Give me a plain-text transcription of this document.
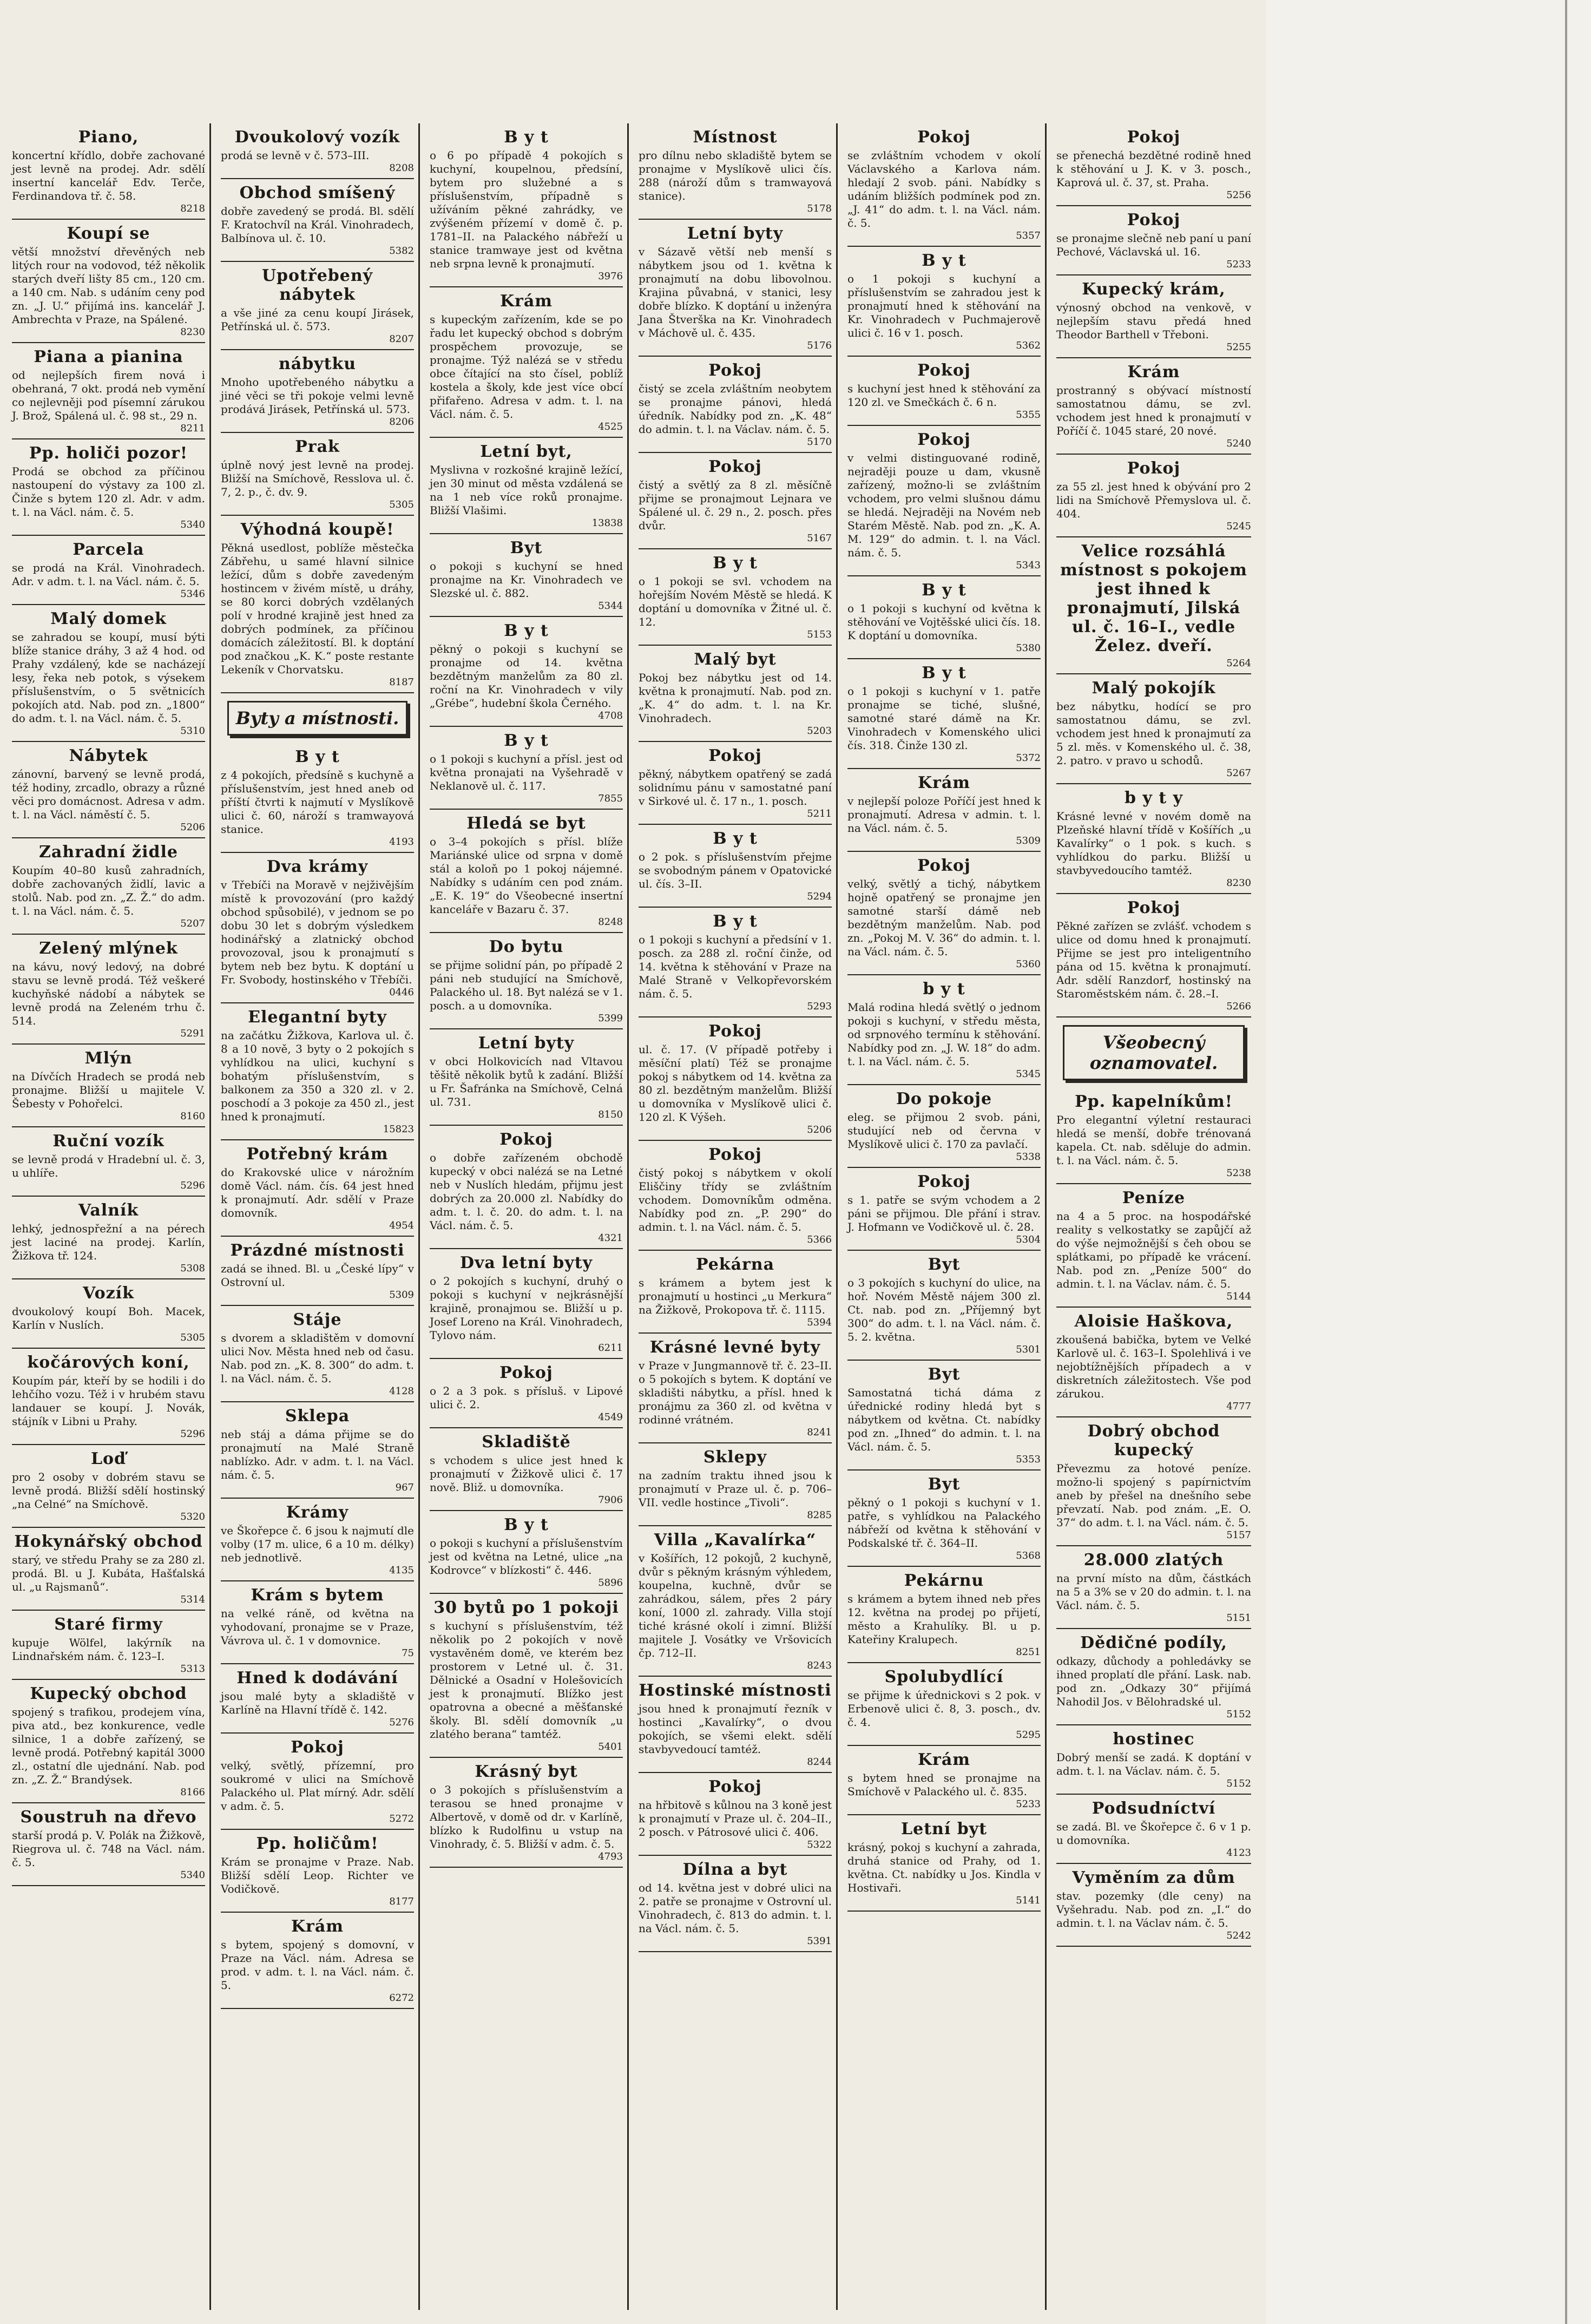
Piano,

koncertní křídlo, dobře zachované jest levně na prodej. Adr. sdělí insertní kancelář Edv. Terče, Ferdinandova tř. č. 58.

8218
Koupí se

větší množství dřevěných neb litých rour na vodovod, též několik starých dveří lišty 85 cm., 120 cm. a 140 cm. Nab. s udáním ceny pod zn. „J. U.“ přijímá ins. kancelář J. Ambrechta v Praze, na Spálené.

8230
Piana a pianina

od nejlepších firem nová i obehraná, 7 okt. prodá neb vymění co nejlevněji pod písemní zárukou J. Brož, Spálená ul. č. 98 st., 29 n.

8211
Pp. holiči pozor!

Prodá se obchod za příčinou nastoupení do výstavy za 100 zl. Činže s bytem 120 zl. Adr. v adm. t. l. na Václ. nám. č. 5.

5340
Parcela

se prodá na Král. Vinohradech. Adr. v adm. t. l. na Václ. nám. č. 5.

5346
Malý domek

se zahradou se koupí, musí býti blíže stanice dráhy, 3 až 4 hod. od Prahy vzdálený, kde se nacházejí lesy, řeka neb potok, s výsekem příslušenstvím, o 5 světnicích pokojích atd. Nab. pod zn. „1800“ do adm. t. l. na Václ. nám. č. 5.

5310
Nábytek

zánovní, barvený se levně prodá, též hodiny, zrcadlo, obrazy a různé věci pro domácnost. Adresa v adm. t. l. na Václ. náměstí č. 5.

5206
Zahradní židle

Koupím 40–80 kusů zahradních, dobře zachovaných židlí, lavic a stolů. Nab. pod zn. „Z. Ž.“ do adm. t. l. na Václ. nám. č. 5.

5207
Zelený mlýnek

na kávu, nový ledový, na dobré stavu se levně prodá. Též veškeré kuchyňské nádobí a nábytek se levně prodá na Zeleném trhu č. 514.

5291
Mlýn

na Dívčích Hradech se prodá neb pronajme. Bližší u majitele V. Šebesty v Pohořelci.

8160
Ruční vozík

se levně prodá v Hradební ul. č. 3, u uhlíře.

5296
Valník

lehký, jednospřežní a na pérech jest laciné na prodej. Karlín, Žižkova tř. 124.

5308
Vozík

dvoukolový koupí Boh. Macek, Karlín v Nuslích.

5305
kočárových koní,

Koupím pár, kteří by se hodili i do lehčího vozu. Též i v hrubém stavu landauer se koupí. J. Novák, stájník v Libni u Prahy.

5296
Loď

pro 2 osoby v dobrém stavu se levně prodá. Bližší sdělí hostinský „na Celné“ na Smíchově.

5320
Hokynářský obchod

starý, ve středu Prahy se za 280 zl. prodá. Bl. u J. Kubáta, Hašťalská ul. „u Rajsmanů“.

5314
Staré firmy

kupuje Wölfel, lakýrník na Lindnařském nám. č. 123–I.

5313
Kupecký obchod

spojený s trafikou, prodejem vína, piva atd., bez konkurence, vedle silnice, 1 a dobře zařízený, se levně prodá. Potřebný kapitál 3000 zl., ostatní dle ujednání. Nab. pod zn. „Z. Ž.“ Brandýsek.

8166
Soustruh na dřevo

starší prodá p. V. Polák na Žižkově, Riegrova ul. č. 748 na Václ. nám. č. 5.

5340
Dvoukolový vozík

prodá se levně v č. 573–III.

8208
Obchod smíšený

dobře zavedený se prodá. Bl. sdělí F. Kratochvíl na Král. Vinohradech, Balbínova ul. č. 10.

5382
Upotřebený nábytek

a vše jiné za cenu koupí Jirásek, Petřínská ul. č. 573.

8207
nábytku

Mnoho upotřebeného nábytku a jiné věci se tři pokoje velmi levně prodává Jirásek, Petřínská ul. 573.

8206
Prak

úplně nový jest levně na prodej. Bližší na Smíchově, Resslova ul. č. 7, 2. p., č. dv. 9.

5305
Výhodná koupě!

Pěkná usedlost, poblíže městečka Zábřehu, u samé hlavní silnice ležící, dům s dobře zavedeným hostincem v živém místě, u dráhy, se 80 korci dobrých vzdělaných polí v hrodné krajině jest hned za dobrých podmínek, za příčinou domácích záležitostí. Bl. k doptání pod značkou „K. K.“ poste restante Lekeník v Chorvatsku.

8187
Byty a místnosti.
B y t

z 4 pokojích, předsíně s kuchyně a příslušenstvím, jest hned aneb od příští čtvrti k najmutí v Myslíkově ulici č. 60, nároží s tramwayová stanice.

4193
Dva krámy

v Třebíči na Moravě v nejživějším místě k provozování (pro každý obchod spůsobilé), v jednom se po dobu 30 let s dobrým výsledkem hodinářský a zlatnický obchod provozoval, jsou k pronajmutí s bytem neb bez bytu. K doptání u Fr. Svobody, hostinského v Třebíči.

0446
Elegantní byty

na začátku Žižkova, Karlova ul. č. 8 a 10 nově, 3 byty o 2 pokojích s vyhlídkou na ulici, kuchyní s bohatým příslušenstvím, s balkonem za 350 a 320 zl. v 2. poschodí a 3 pokoje za 450 zl., jest hned k pronajmutí.

15823
Potřebný krám

do Krakovské ulice v nárožním domě Václ. nám. čís. 64 jest hned k pronajmutí. Adr. sdělí v Praze domovník.

4954
Prázdné místnosti

zadá se ihned. Bl. u „České lípy“ v Ostrovní ul.

5309
Stáje

s dvorem a skladištěm v domovní ulici Nov. Města hned neb od času. Nab. pod zn. „K. 8. 300“ do adm. t. l. na Václ. nám. č. 5.

4128
Sklepa

neb stáj a dáma přijme se do pronajmutí na Malé Straně nablízko. Adr. v adm. t. l. na Václ. nám. č. 5.

967
Krámy

ve Škořepce č. 6 jsou k najmutí dle volby (17 m. ulice, 6 a 10 m. délky) neb jednotlivě.

4135
Krám s bytem

na velké ráně, od května na vyhodovaní, pronajme se v Praze, Vávrova ul. č. 1 v domovnice.

75
Hned k dodávání

jsou malé byty a skladiště v Karlíně na Hlavní třídě č. 142.

5276
Pokoj

velký, světlý, přízemní, pro soukromé v ulici na Smíchově Palackého ul. Plat mírný. Adr. sdělí v adm. č. 5.

5272
Pp. holičům!

Krám se pronajme v Praze. Nab. Bližší sdělí Leop. Richter ve Vodičkově.

8177
Krám

s bytem, spojený s domovní, v Praze na Václ. nám. Adresa se prod. v adm. t. l. na Václ. nám. č. 5.

6272
B y t

o 6 po případě 4 pokojích s kuchyní, koupelnou, předsíní, bytem pro služebné a s příslušenstvím, případně s užíváním pěkné zahrádky, ve zvýšeném přízemí v domě č. p. 1781–II. na Palackého nábřeží u stanice tramwaye jest od května neb srpna levně k pronajmutí.

3976
Krám

s kupeckým zařízením, kde se po řadu let kupecký obchod s dobrým prospěchem provozuje, se pronajme. Týž nalézá se v středu obce čítající na sto čísel, poblíž kostela a školy, kde jest více obcí přifařeno. Adresa v adm. t. l. na Václ. nám. č. 5.

4525
Letní byt,

Myslivna v rozkošné krajině ležící, jen 30 minut od města vzdálená se na 1 neb více roků pronajme. Bližší Vlašimi.

13838
Byt

o pokoji s kuchyní se hned pronajme na Kr. Vinohradech ve Slezské ul. č. 882.

5344
B y t

pěkný o pokoji s kuchyní se pronajme od 14. května bezdětným manželům za 80 zl. roční na Kr. Vinohradech v vily „Grébe“, hudební škola Černého.

4708
B y t

o 1 pokoji s kuchyní a přísl. jest od května pronajati na Vyšehradě v Neklanově ul. č. 117.

7855
Hledá se byt

o 3–4 pokojích s přísl. blíže Mariánské ulice od srpna v domě stál a koloň po 1 pokoj nájemné. Nabídky s udáním cen pod znám. „E. K. 19“ do Všeobecné insertní kanceláře v Bazaru č. 37.

8248
Do bytu

se přijme solidní pán, po případě 2 páni neb studující na Smíchově, Palackého ul. 18. Byt nalézá se v 1. posch. a u domovníka.

5399
Letní byty

v obci Holkovicích nad Vltavou těšitě několik bytů k zadání. Bližší u Fr. Šafránka na Smíchově, Celná ul. 731.

8150
Pokoj

o dobře zařízeném obchodě kupecký v obci nalézá se na Letné neb v Nuslích hledám, přijmu jest dobrých za 20.000 zl. Nabídky do adm. t. l. č. 20. do adm. t. l. na Václ. nám. č. 5.

4321
Dva letní byty

o 2 pokojích s kuchyní, druhý o pokoji s kuchyní v nejkrásnější krajině, pronajmou se. Bližší u p. Josef Loreno na Král. Vinohradech, Tylovo nám.

6211
Pokoj

o 2 a 3 pok. s přísluš. v Lipové ulici č. 2.

4549
Skladiště

s vchodem s ulice jest hned k pronajmutí v Žižkově ulici č. 17 nově. Bliž. u domovníka.

7906
B y t

o pokoji s kuchyní a příslušenstvím jest od května na Letné, ulice „na Kodrovce“ v blízkosti“ č. 446.

5896
30 bytů po 1 pokoji

s kuchyní s příslušenstvím, též několik po 2 pokojích v nově vystavěném domě, ve kterém bez prostorem v Letné ul. č. 31. Dělnické a Osadní v Holešovicích jest k pronajmutí. Blížko jest opatrovna a obecné a měšťanské školy. Bl. sdělí domovník „u zlatého berana“ tamtéž.

5401
Krásný byt

o 3 pokojích s příslušenstvím a terasou se hned pronajme v Albertově, v domě od dr. v Karlíně, blízko k Rudolfinu u vstup na Vinohrady, č. 5. Bližší v adm. č. 5.

4793
Místnost

pro dílnu nebo skladiště bytem se pronajme v Myslíkově ulici čís. 288 (nároží dům s tramwayová stanice).

5178
Letní byty

v Sázavě větší neb menší s nábytkem jsou od 1. května k pronajmutí na dobu libovolnou. Krajina půvabná, v stanici, lesy dobře blízko. K doptání u inženýra Jana Štverška na Kr. Vinohradech v Máchově ul. č. 435.

5176
Pokoj

čistý se zcela zvláštním neobytem se pronajme pánovi, hledá úředník. Nabídky pod zn. „K. 48“ do admin. t. l. na Václav. nám. č. 5.

5170
Pokoj

čistý a světlý za 8 zl. měsíčně přijme se pronajmout Lejnara ve Spálené ul. č. 29 n., 2. posch. přes dvůr.

5167
B y t

o 1 pokoji se svl. vchodem na hořejším Novém Městě se hledá. K doptání u domovníka v Žitné ul. č. 12.

5153
Malý byt

Pokoj bez nábytku jest od 14. května k pronajmutí. Nab. pod zn. „K. 4“ do adm. t. l. na Kr. Vinohradech.

5203
Pokoj

pěkný, nábytkem opatřený se zadá solidnímu pánu v samostatné paní v Sirkové ul. č. 17 n., 1. posch.

5211
B y t

o 2 pok. s příslušenstvím přejme se svobodným pánem v Opatovické ul. čís. 3–II.

5294
B y t

o 1 pokoji s kuchyní a předsíní v 1. posch. za 288 zl. roční činže, od 14. května k stěhování v Praze na Malé Straně v Velkopřevorském nám. č. 5.

5293
Pokoj

ul. č. 17. (V případě potřeby i měsíční platí) Též se pronajme pokoj s nábytkem od 14. května za 80 zl. bezdětným manželům. Bližší u domovníka v Myslíkově ulici č. 120 zl. K Výšeh.

5206
Pokoj

čistý pokoj s nábytkem v okolí Eliščiny třídy se zvláštním vchodem. Domovníkům odměna. Nabídky pod zn. „P. 290“ do admin. t. l. na Václ. nám. č. 5.

5366
Pekárna

s krámem a bytem jest k pronajmutí u hostinci „u Merkura“ na Žižkově, Prokopova tř. č. 1115.

5394
Krásné levné byty

v Praze v Jungmannově tř. č. 23–II. o 5 pokojích s bytem. K doptání ve skladišti nábytku, a přísl. hned k pronájmu za 360 zl. od května v rodinné vrátném.

8241
Sklepy

na zadním traktu ihned jsou k pronajmutí v Praze ul. č. p. 706–VII. vedle hostince „Tivoli“.

8285
Villa „Kavalírka“

v Košířích, 12 pokojů, 2 kuchyně, dvůr s pěkným krásným výhledem, koupelna, kuchně, dvůr se zahrádkou, sálem, přes 2 páry koní, 1000 zl. zahrady. Villa stojí tiché krásné okolí i zimní. Bližší majitele J. Vosátky ve Vršovicích čp. 712–II.

8243
Hostinské místnosti

jsou hned k pronajmutí řezník v hostinci „Kavalírky“, o dvou pokojích, se všemi elekt. sdělí stavbyvedoucí tamtéž.

8244
Pokoj

na hřbitově s kůlnou na 3 koně jest k pronajmutí v Praze ul. č. 204–II., 2 posch. v Pátrosové ulici č. 406.

5322
Dílna a byt

od 14. května jest v dobré ulici na 2. patře se pronajme v Ostrovní ul. Vinohradech, č. 813 do admin. t. l. na Václ. nám. č. 5.

5391
Pokoj

se zvláštním vchodem v okolí Václavského a Karlova nám. hledají 2 svob. páni. Nabídky s udáním bližších podmínek pod zn. „J. 41“ do adm. t. l. na Václ. nám. č. 5.

5357
B y t

o 1 pokoji s kuchyní a příslušenstvím se zahradou jest k pronajmutí hned k stěhování na Kr. Vinohradech v Puchmajerově ulici č. 16 v 1. posch.

5362
Pokoj

s kuchyní jest hned k stěhování za 120 zl. ve Smečkách č. 6 n.

5355
Pokoj

v velmi distinguované rodině, nejraději pouze u dam, vkusně zařízený, možno-li se zvláštním vchodem, pro velmi slušnou dámu se hledá. Nejraději na Novém neb Starém Městě. Nab. pod zn. „K. A. M. 129“ do admin. t. l. na Václ. nám. č. 5.

5343
B y t

o 1 pokoji s kuchyní od května k stěhování ve Vojtěšské ulici čís. 18. K doptání u domovníka.

5380
B y t

o 1 pokoji s kuchyní v 1. patře pronajme se tiché, slušné, samotné staré dámě na Kr. Vinohradech v Komenského ulici čís. 318. Činže 130 zl.

5372
Krám

v nejlepší poloze Poříčí jest hned k pronajmutí. Adresa v admin. t. l. na Václ. nám. č. 5.

5309
Pokoj

velký, světlý a tichý, nábytkem hojně opatřený se pronajme jen samotné starší dámě neb bezdětným manželům. Nab. pod zn. „Pokoj M. V. 36“ do admin. t. l. na Václ. nám. č. 5.

5360
b y t

Malá rodina hledá světlý o jednom pokoji s kuchyní, v středu města, od srpnového termínu k stěhování. Nabídky pod zn. „J. W. 18“ do adm. t. l. na Václ. nám. č. 5.

5345
Do pokoje

eleg. se přijmou 2 svob. páni, studující neb od června v Myslíkově ulici č. 170 za pavlačí.

5338
Pokoj

s 1. patře se svým vchodem a 2 páni se přijmou. Dle přání i strav. J. Hofmann ve Vodičkově ul. č. 28.

5304
Byt

o 3 pokojích s kuchyní do ulice, na hoř. Novém Městě nájem 300 zl. Ct. nab. pod zn. „Příjemný byt 300“ do adm. t. l. na Václ. nám. č. 5. 2. května.

5301
Byt

Samostatná tichá dáma z úřednické rodiny hledá byt s nábytkem od května. Ct. nabídky pod zn. „Ihned“ do admin. t. l. na Václ. nám. č. 5.

5353
Byt

pěkný o 1 pokoji s kuchyní v 1. patře, s vyhlídkou na Palackého nábřeží od května k stěhování v Podskalské tř. č. 364–II.

5368
Pekárnu

s krámem a bytem ihned neb přes 12. května na prodej po přijetí, město a Krahulíky. Bl. u p. Kateřiny Kralupech.

8251
Spolubydlící

se přijme k úřednickovi s 2 pok. v Erbenově ulici č. 8, 3. posch., dv. č. 4.

5295
Krám

s bytem hned se pronajme na Smíchově v Palackého ul. č. 835.

5233
Letní byt

krásný, pokoj s kuchyní a zahrada, druhá stanice od Prahy, od 1. května. Ct. nabídky u Jos. Kindla v Hostivaři.

5141
Pokoj

se přenechá bezdětné rodině hned k stěhování u J. K. v 3. posch., Kaprová ul. č. 37, st. Praha.

5256
Pokoj

se pronajme slečně neb paní u paní Pechové, Václavská ul. 16.

5233
Kupecký krám,

výnosný obchod na venkově, v nejlepším stavu předá hned Theodor Barthell v Třeboni.

5255
Krám

prostranný s obývací místností samostatnou dámu, se zvl. vchodem jest hned k pronajmutí v Poříčí č. 1045 staré, 20 nové.

5240
Pokoj

za 55 zl. jest hned k obývání pro 2 lidi na Smíchově Přemyslova ul. č. 404.

5245
Velice rozsáhlá místnost s pokojem jest ihned k pronajmutí, Jilská ul. č. 16–I., vedle Želez. dveří.

5264
Malý pokojík

bez nábytku, hodící se pro samostatnou dámu, se zvl. vchodem jest hned k pronajmutí za 5 zl. měs. v Komenského ul. č. 38, 2. patro. v pravo u schodů.

5267
b y t y

Krásné levné v novém domě na Plzeňské hlavní třídě v Košířích „u Kavalírky“ o 1 pok. s kuch. s vyhlídkou do parku. Bližší u stavbyvedoucího tamtéž.

8230
Pokoj

Pěkné zařízen se zvlášť. vchodem s ulice od domu hned k pronajmutí. Přijme se jest pro inteligentního pána od 15. května k pronajmutí. Adr. sdělí Ranzdorf, hostinský na Staroměstském nám. č. 28.–I.

5266
Všeobecný oznamovatel.
Pp. kapelníkům!

Pro elegantní výletní restauraci hledá se menší, dobře trénovaná kapela. Ct. nab. sděluje do admin. t. l. na Václ. nám. č. 5.

5238
Peníze

na 4 a 5 proc. na hospodářské reality s velkostatky se zapůjčí až do výše nejmožnější s čeh obou se splátkami, po případě ke vrácení. Nab. pod zn. „Peníze 500“ do admin. t. l. na Václav. nám. č. 5.

5144
Aloisie Haškova,

zkoušená babička, bytem ve Velké Karlově ul. č. 163–I. Spolehlivá i ve nejobtížnějších případech a v diskretních záležitostech. Vše pod zárukou.

4777
Dobrý obchod kupecký

Převezmu za hotové peníze. možno-li spojený s papírnictvím aneb by přešel na dnešního sebe převzatí. Nab. pod znám. „E. O. 37“ do adm. t. l. na Václ. nám. č. 5.

5157
28.000 zlatých

na první místo na dům, částkách na 5 a 3% se v 20 do admin. t. l. na Václ. nám. č. 5.

5151
Dědičné podíly,

odkazy, důchody a pohledávky se ihned proplatí dle přání. Lask. nab. pod zn. „Odkazy 30“ přijímá Nahodil Jos. v Bělohradské ul.

5152
hostinec

Dobrý menší se zadá. K doptání v adm. t. l. na Václav. nám. č. 5.

5152
Podsudníctví

se zadá. Bl. ve Škořepce č. 6 v 1 p. u domovníka.

4123
Vyměním za dům

stav. pozemky (dle ceny) na Vyšehradu. Nab. pod zn. „I.“ do admin. t. l. na Václav nám. č. 5.

5242
